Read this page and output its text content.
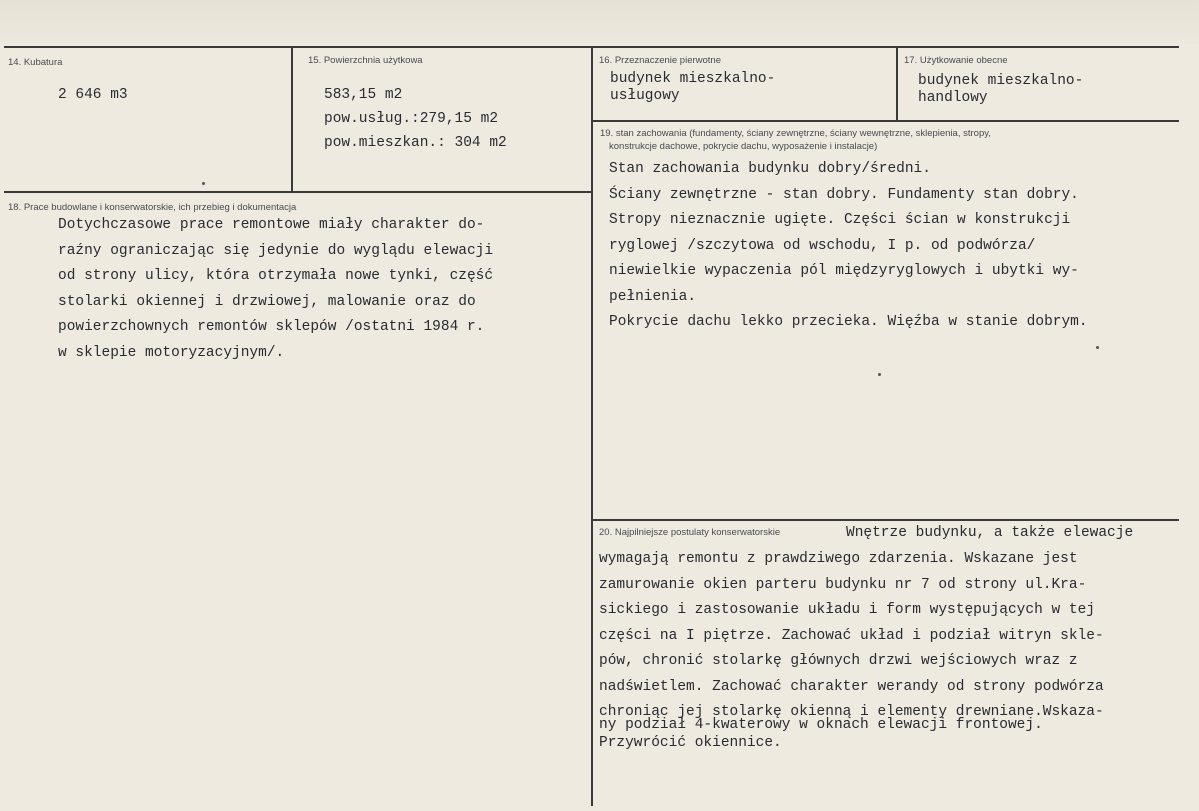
14. Kubatura
2 646 m3
15. Powierzchnia użytkowa
583,15 m2
pow.usług.:279,15 m2
pow.mieszkan.: 304 m2
16. Przeznaczenie pierwotne
budynek mieszkalno-
usługowy
17. Użytkowanie obecne
budynek mieszkalno-
handlowy
18. Prace budowlane i konserwatorskie, ich przebieg i dokumentacja
Dotychczasowe prace remontowe miały charakter do-
raźny ograniczając się jedynie do wyglądu elewacji
od strony ulicy, która otrzymała nowe tynki, część
stolarki okiennej i drzwiowej, malowanie oraz do
powierzchownych remontów sklepów /ostatni 1984 r.
w sklepie motoryzacyjnym/.
19. stan zachowania (fundamenty, ściany zewnętrzne, ściany wewnętrzne, sklepienia, stropy,
konstrukcje dachowe, pokrycie dachu, wyposażenie i instalacje)
Stan zachowania budynku dobry/średni.
Ściany zewnętrzne - stan dobry. Fundamenty stan dobry.
Stropy nieznacznie ugięte. Części ścian w konstrukcji
ryglowej /szczytowa od wschodu, I p. od podwórza/
niewielkie wypaczenia pól międzyryglowych i ubytki wy-
pełnienia.
Pokrycie dachu lekko przecieka. Więźba w stanie dobrym.
20. Najpilniejsze postulaty konserwatorskie	Wnętrze budynku, a także elewacje
wymagają remontu z prawdziwego zdarzenia. Wskazane jest
zamurowanie okien parteru budynku nr 7 od strony ul.Kra-
sickiego i zastosowanie układu i form występujących w tej
części na I piętrze. Zachować układ i podział witryn skle-
pów, chronić stolarkę głównych drzwi wejściowych wraz z
nadświetlem. Zachować charakter werandy od strony podwórza
chroniąc jej stolarkę okienną i elementy drewniane.Wskaza-
ny podział 4-kwaterowy w oknach elewacji frontowej.
Przywrócić okiennice.
